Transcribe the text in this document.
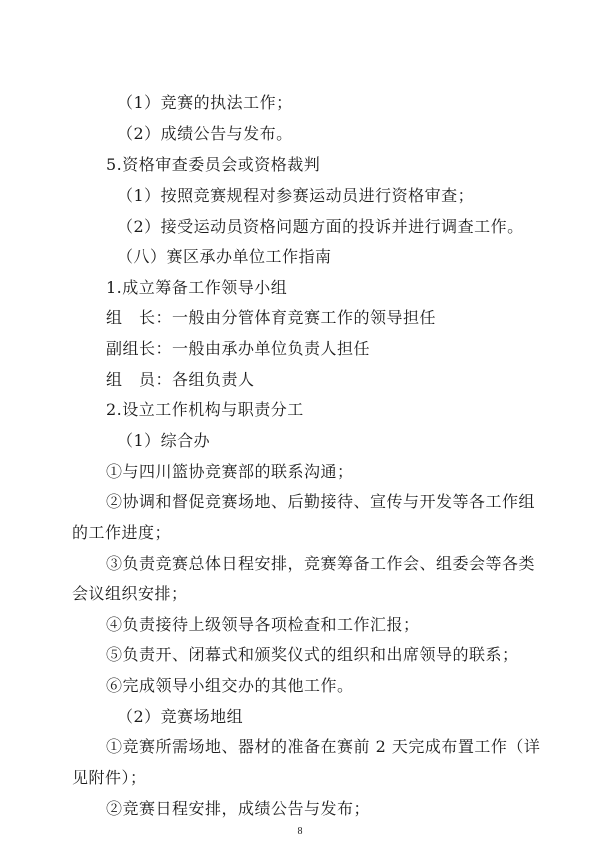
（1）竞赛的执法工作；
（2）成绩公告与发布。
5.资格审查委员会或资格裁判
（1）按照竞赛规程对参赛运动员进行资格审查；
（2）接受运动员资格问题方面的投诉并进行调查工作。
（八）赛区承办单位工作指南
1.成立筹备工作领导小组
组　长：一般由分管体育竞赛工作的领导担任
副组长：一般由承办单位负责人担任
组　员：各组负责人
2.设立工作机构与职责分工
（1）综合办
①与四川篮协竞赛部的联系沟通；
②协调和督促竞赛场地、后勤接待、宣传与开发等各工作组
的工作进度；
③负责竞赛总体日程安排，竞赛筹备工作会、组委会等各类
会议组织安排；
④负责接待上级领导各项检查和工作汇报；
⑤负责开、闭幕式和颁奖仪式的组织和出席领导的联系；
⑥完成领导小组交办的其他工作。
（2）竞赛场地组
①竞赛所需场地、器材的准备在赛前 2 天完成布置工作（详
见附件）；
②竞赛日程安排，成绩公告与发布；
8
